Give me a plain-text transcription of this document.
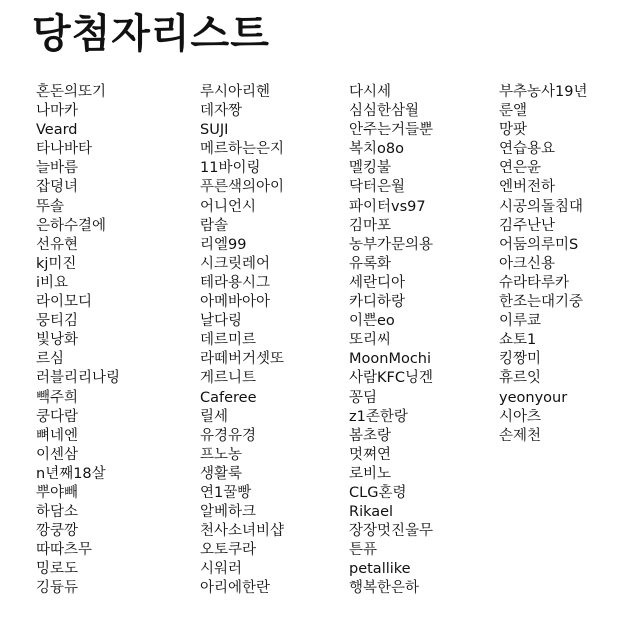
당첨자리스트
혼돈의또기
나마카
Veard
타나바타
늘바름
잡뎡녀
뚜솔
은하수결에
선유현
kj미진
i비요
라이모디
뭉티김
빛낭화
르심
러블리리나링
빽주희
쿵다람
뼈네엔
이센삼
n년째18살
뿌야빼
하담소
깡쿵깡
따따츠무
밍로도
깅듕듀
루시아리헨
데자짱
SUJI
메르하는은지
11바이링
푸른색의아이
어니언시
람솔
리엘99
시크릿레어
테라용시그
아메바아아
날다링
데르미르
라떼버거셋또
게르니트
Caferee
릴세
유경유경
프노농
생활룩
연1꿀빵
알베하크
천사소녀비샵
오토쿠라
시워러
아리에한란
다시세
심심한삼월
안주는거들뿐
복치o8o
멜킹불
닥터은월
파이터vs97
김마포
농부가문의용
유록화
세란디아
카디하랑
이쁜eo
또리씨
MoonMochi
사람KFC닝겐
꽁딤
z1존한랑
봄초랑
멋쪄연
로비노
CLG혼령
Rikael
장장멋진울무
튼퓨
petallike
행복한은하
부추농사19년
룬앨
망팟
연습용요
연은윤
엔버전하
시공의돌침대
김주난난
어둠의루미S
아크신용
슈라타루카
한조는대기중
이루쿄
쇼토1
킹짱미
휴르잇
yeonyour
시아츠
손제천
